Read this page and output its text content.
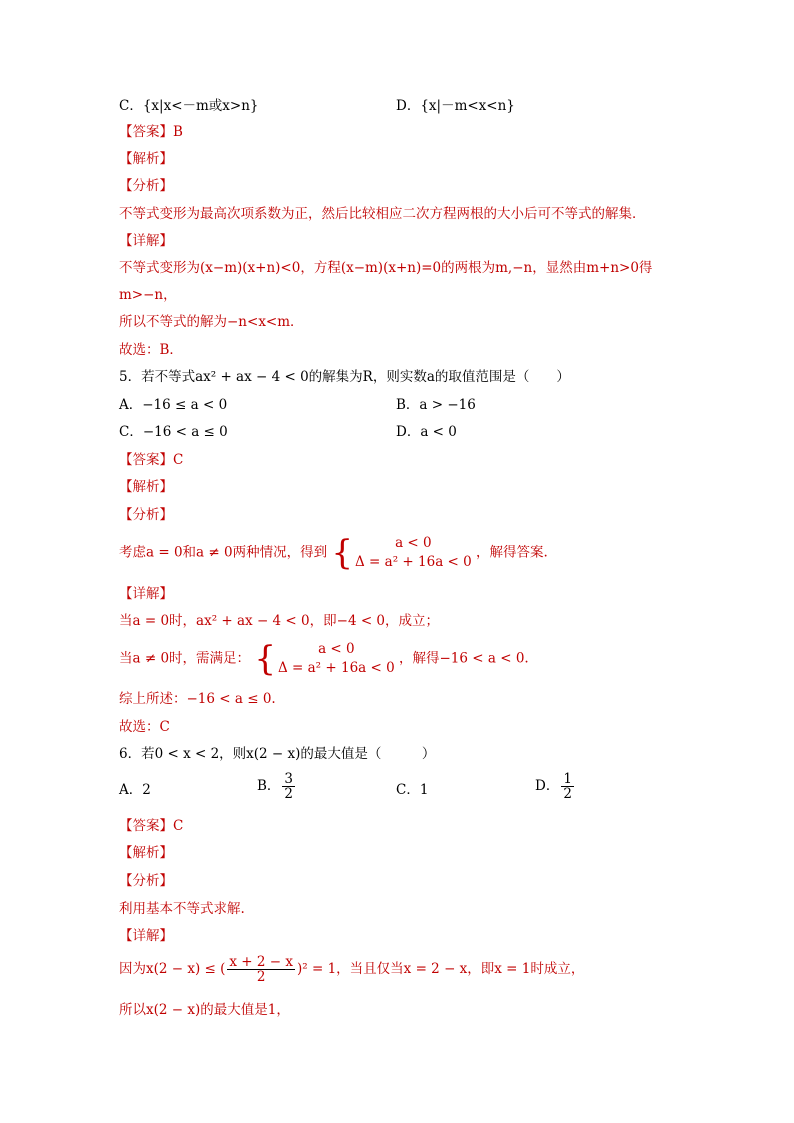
C．{x|x<－m或x>n}	D．{x|－m<x<n}
【答案】B
【解析】
【分析】
不等式变形为最高次项系数为正，然后比较相应二次方程两根的大小后可不等式的解集．
【详解】
不等式变形为(x−m)(x+n)<0，方程(x−m)(x+n)=0的两根为m,−n，显然由m+n>0得
m>−n，
所以不等式的解为−n<x<m．
故选：B．
5．若不等式ax² + ax − 4 < 0的解集为R，则实数a的取值范围是（　　）
A．−16 ≤ a < 0	B．a > −16
C．−16 < a ≤ 0	D．a < 0
【答案】C
【解析】
【分析】
考虑a = 0和a ≠ 0两种情况，得到 {	a < 0
Δ = a² + 16a < 0
，解得答案.
【详解】
当a = 0时，ax² + ax − 4 < 0，即−4 < 0，成立；
当a ≠ 0时，需满足： {	a < 0
Δ = a² + 16a < 0
，解得−16 < a < 0.
综上所述：−16 < a ≤ 0.
故选：C
6．若0 < x < 2，则x(2 − x)的最大值是（　　　）
A．2	B． $\frac{3}{2}$	C．1	D． $\frac{1}{2}$
【答案】C
【解析】
【分析】
利用基本不等式求解.
【详解】
因为x(2 − x) ≤ ( $\frac{x + 2 - x}{2} )^2 = 1$，当且仅当x = 2 − x，即x = 1时成立，
所以x(2 − x)的最大值是1，
